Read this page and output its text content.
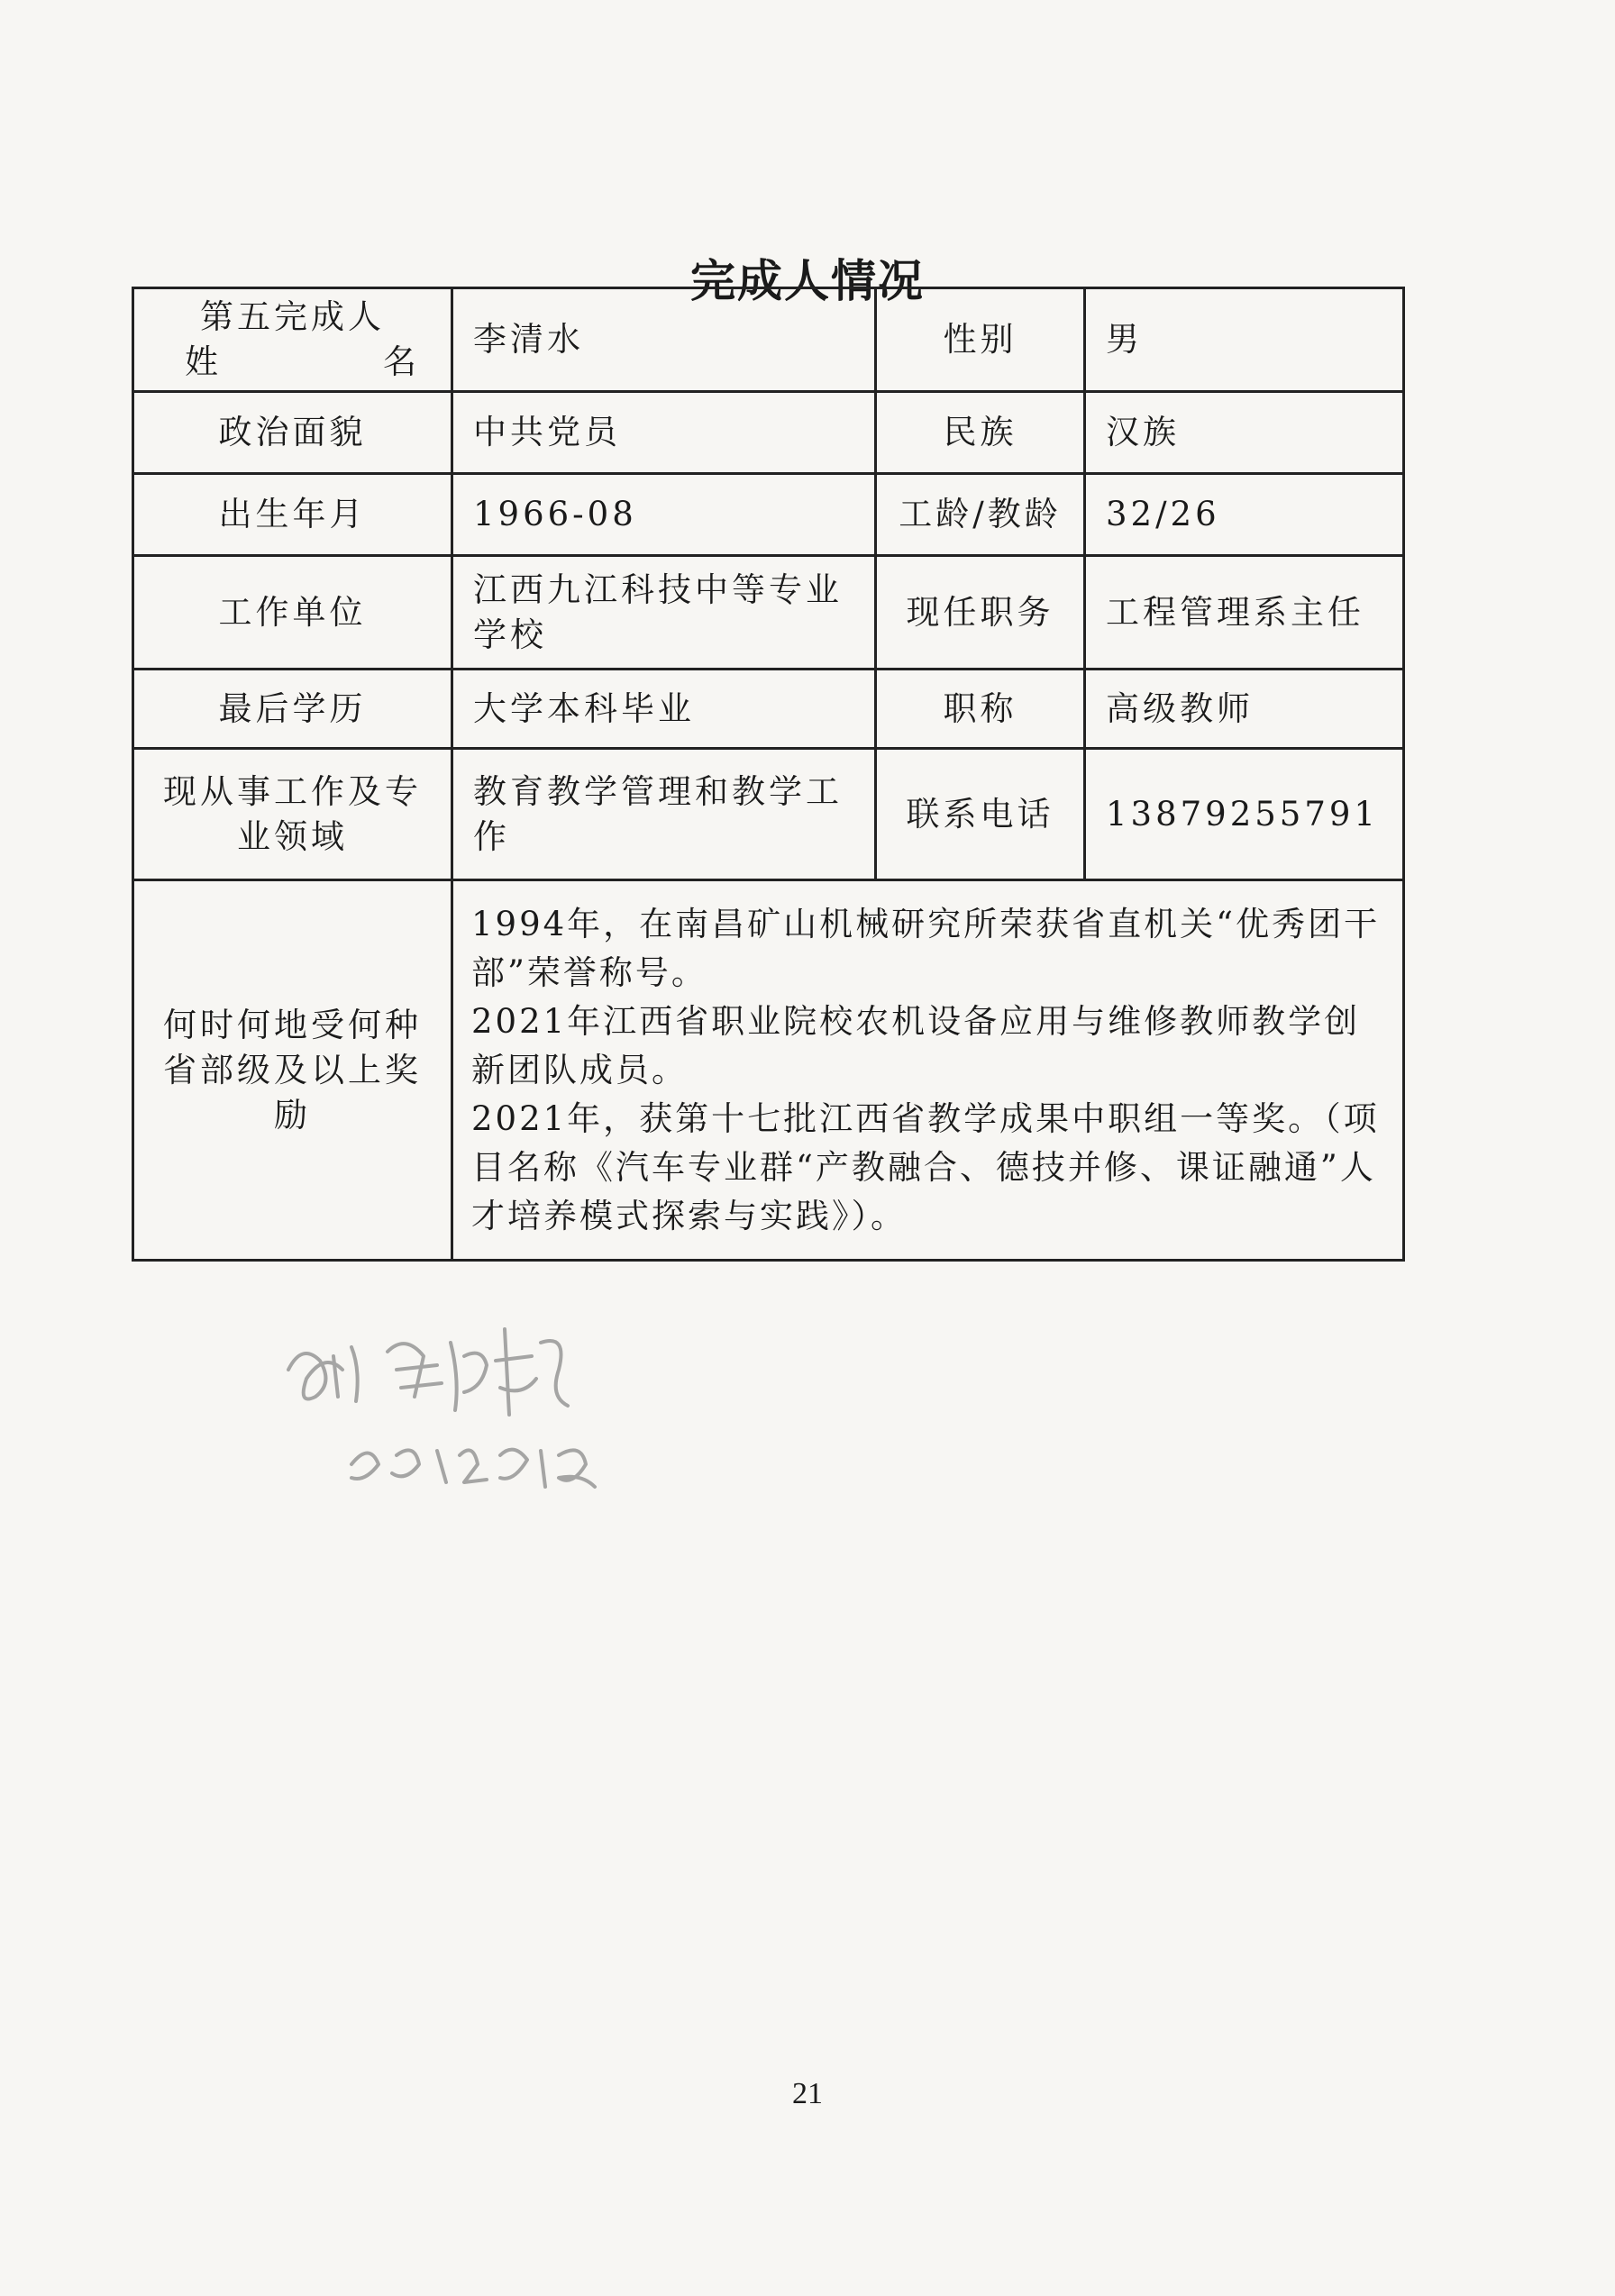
完成人情况
第五完成人
姓 名	李清水	性别	男
政治面貌	中共党员	民族	汉族
出生年月	1966-08	工龄/教龄	32/26
工作单位	江西九江科技中等专业学校	现任职务	工程管理系主任
最后学历	大学本科毕业	职称	高级教师
现从事工作及专业领域	教育教学管理和教学工作	联系电话	13879255791
何时何地受何种省部级及以上奖励	1994年，在南昌矿山机械研究所荣获省直机关“优秀团干部”荣誉称号。
2021年江西省职业院校农机设备应用与维修教师教学创新团队成员。
2021年，获第十七批江西省教学成果中职组一等奖。（项目名称《汽车专业群“产教融合、德技并修、课证融通”人才培养模式探索与实践》）。		
21
